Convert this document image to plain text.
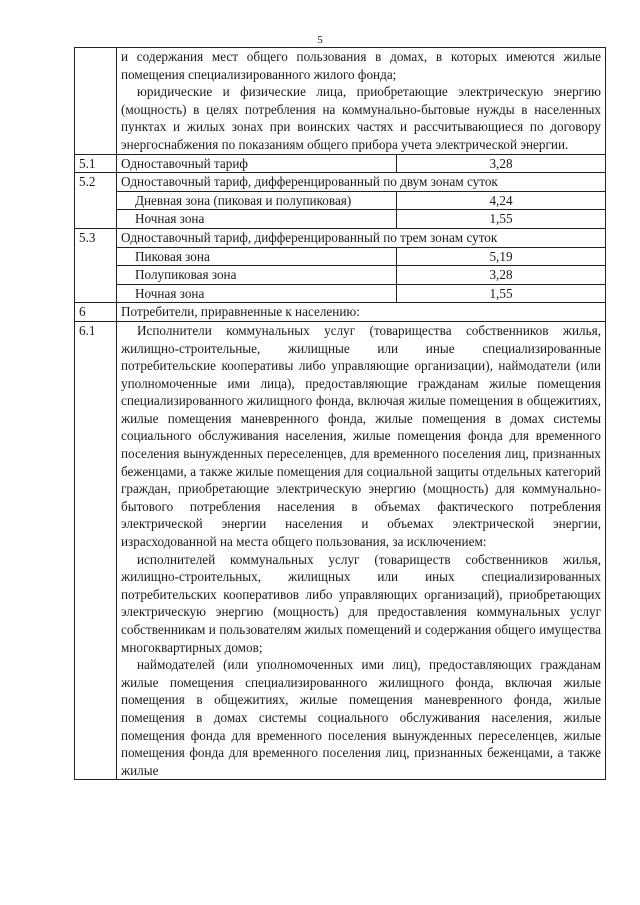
5

	и содержания мест общего пользования в домах, в которых имеются жилые помещения специализированного жилого фонда;
юридические и физические лица, приобретающие электрическую энергию (мощность) в целях потребления на коммунально-бытовые нужды в населенных пунктах и жилых зонах при воинских частях и рассчитывающиеся по договору энергоснабжения по показаниям общего прибора учета электрической энергии.	

5.1	Одноставочный тариф	3,28
5.2	Одноставочный тариф, дифференцированный по двум зонам суток	
	Дневная зона (пиковая и полупиковая)	4,24
	Ночная зона	1,55
5.3	Одноставочный тариф, дифференцированный по трем зонам суток	
	Пиковая зона	5,19
	Полупиковая зона	3,28
	Ночная зона	1,55
6	Потребители, приравненные к населению:	
6.1	Исполнители коммунальных услуг (товарищества собственников жилья, жилищно-строительные, жилищные или иные специализированные потребительские кооперативы либо управляющие организации), наймодатели (или уполномоченные ими лица), предоставляющие гражданам жилые помещения специализированного жилищного фонда, включая жилые помещения в общежитиях, жилые помещения маневренного фонда, жилые помещения в домах системы социального обслуживания населения, жилые помещения фонда для временного поселения вынужденных переселенцев, для временного поселения лиц, признанных беженцами, а также жилые помещения для социальной защиты отдельных категорий граждан, приобретающие электрическую энергию (мощность) для коммунально-бытового потребления населения в объемах фактического потребления электрической энергии населения и объемах электрической энергии, израсходованной на места общего пользования, за исключением:
исполнителей коммунальных услуг (товариществ собственников жилья, жилищно-строительных, жилищных или иных специализированных потребительских кооперативов либо управляющих организаций), приобретающих электрическую энергию (мощность) для предоставления коммунальных услуг собственникам и пользователям жилых помещений и содержания общего имущества многоквартирных домов;
наймодателей (или уполномоченных ими лиц), предоставляющих гражданам жилые помещения специализированного жилищного фонда, включая жилые помещения в общежитиях, жилые помещения маневренного фонда, жилые помещения в домах системы социального обслуживания населения, жилые помещения фонда для временного поселения вынужденных переселенцев, жилые помещения фонда для временного поселения лиц, признанных беженцами, а также жилые	
